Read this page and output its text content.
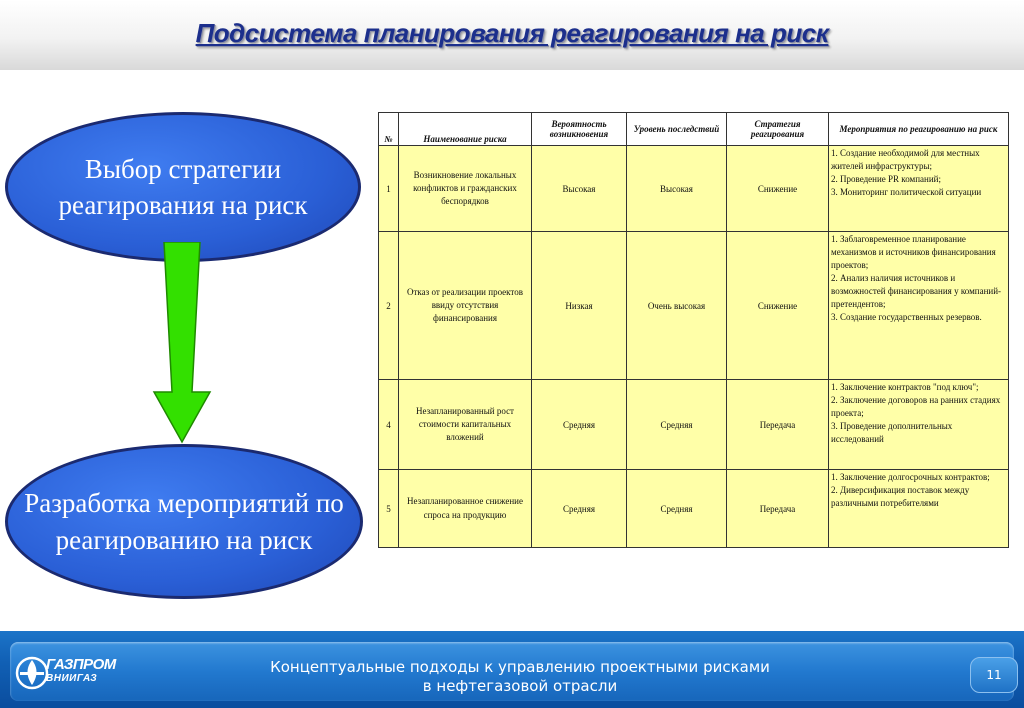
Подсистема планирования реагирования на риск
Выбор стратегии
реагирования на риск
Разработка мероприятий по
реагированию на риск
№	Наименование риска	Вероятность возникновения	Уровень последствий	Стратегия реагирования	Мероприятия по реагированию на риск
1	Возникновение локальных конфликтов и гражданских беспорядков	Высокая	Высокая	Снижение	1. Создание необходимой для местных жителей инфраструктуры;
2. Проведение PR компаний;
3. Мониторинг политической ситуации
2	Отказ от реализации проектов ввиду отсутствия финансирования	Низкая	Очень высокая	Снижение	1. Заблаговременное планирование механизмов и источников финансирования проектов;
2. Анализ наличия источников и возможностей финансирования у компаний-претендентов;
3. Создание государственных резервов.
4	Незапланированный рост стоимости капитальных вложений	Средняя	Средняя	Передача	1. Заключение контрактов "под ключ";
2. Заключение договоров на ранних стадиях проекта;
3. Проведение дополнительных исследований
5	Незапланированное снижение спроса на продукцию	Средняя	Средняя	Передача	1. Заключение долгосрочных контрактов;
2. Диверсификация поставок между различными потребителями
ГАЗПРОМ
ВНИИГАЗ
Концептуальные подходы к управлению проектными рисками
в нефтегазовой отрасли
11
